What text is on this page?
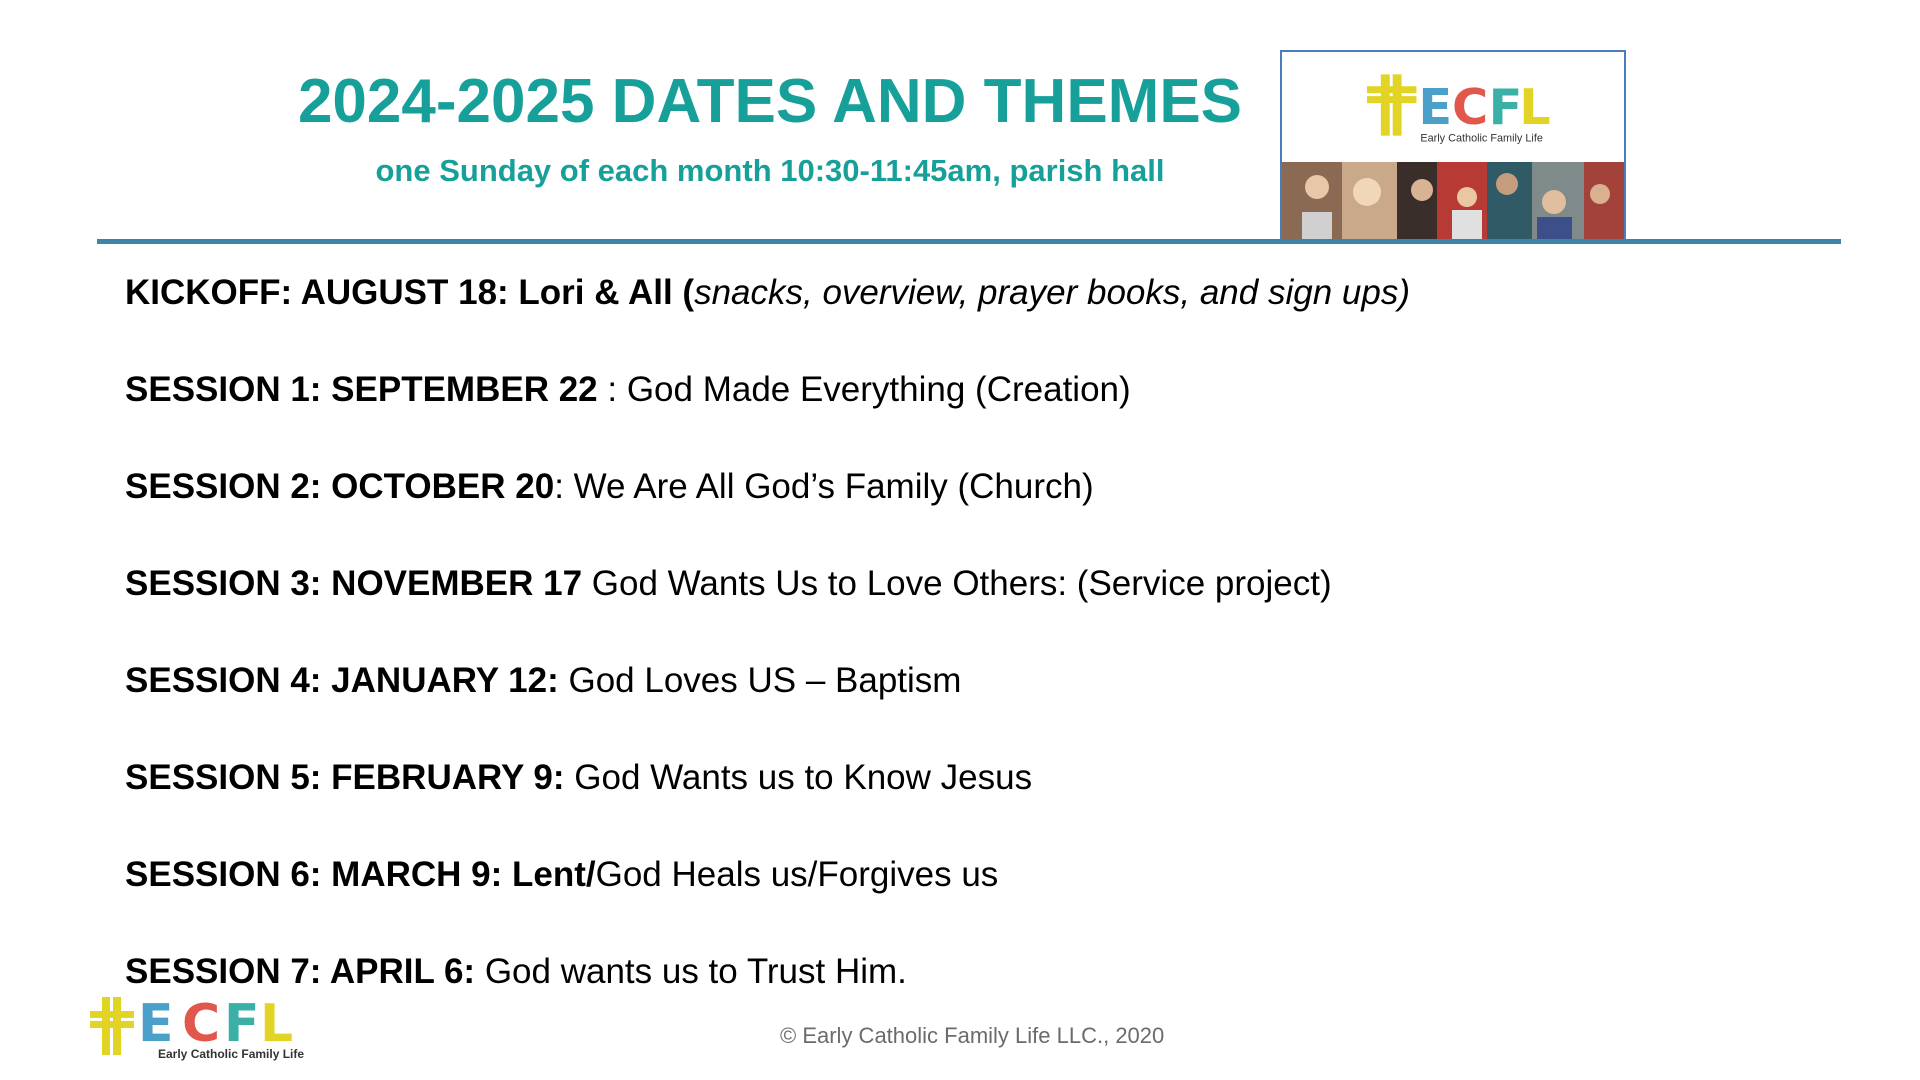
2024-2025 DATES AND THEMES

one Sunday of each month 10:30-11:45am, parish hall

E C F
L
Early Catholic Family Life
KICKOFF: AUGUST 18: Lori & All (snacks, overview, prayer books, and sign ups)
SESSION 1: SEPTEMBER 22 : God Made Everything (Creation)
SESSION 2: OCTOBER 20: We Are All God’s Family (Church)
SESSION 3: NOVEMBER 17 God Wants Us to Love Others: (Service project)
SESSION 4: JANUARY 12: God Loves US – Baptism
SESSION 5: FEBRUARY 9: God Wants us to Know Jesus
SESSION 6: MARCH 9: Lent/God Heals us/Forgives us
SESSION 7: APRIL 6: God wants us to Trust Him.
E C F L
Early Catholic Family Life
© Early Catholic Family Life LLC., 2020
